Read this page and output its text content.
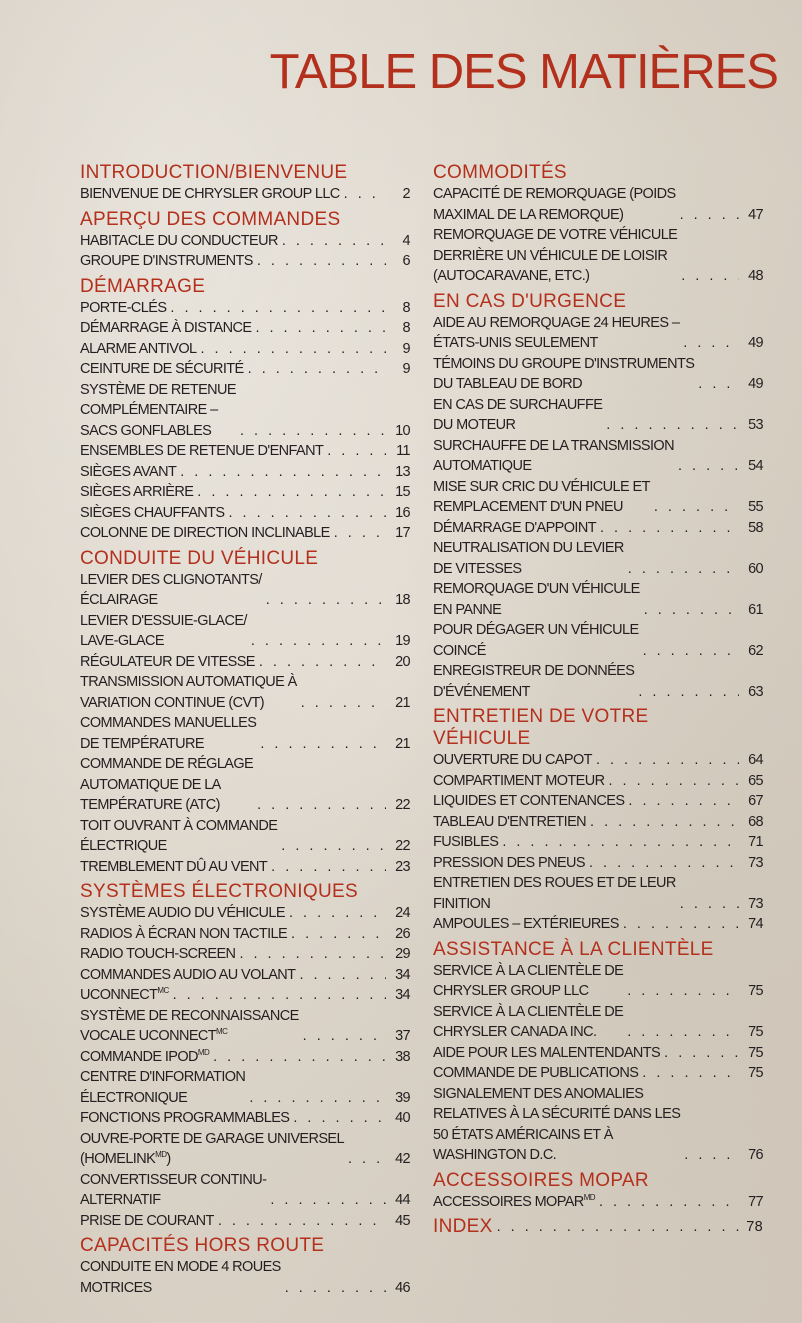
TABLE DES MATIÈRES
INTRODUCTION/BIENVENUE
BIENVENUE DE CHRYSLER GROUP LLC . . .	2
APERÇU DES COMMANDES
HABITACLE DU CONDUCTEUR . . .	4
GROUPE D'INSTRUMENTS . . .	6
DÉMARRAGE
PORTE-CLÉS . . .	8
DÉMARRAGE À DISTANCE . . .	8
ALARME ANTIVOL . . .	9
CEINTURE DE SÉCURITÉ . . .	9
SYSTÈME DE RETENUE
COMPLÉMENTAIRE –
SACS GONFLABLES . . .	10
ENSEMBLES DE RETENUE D'ENFANT . . .	11
SIÈGES AVANT . . .	13
SIÈGES ARRIÈRE . . .	15
SIÈGES CHAUFFANTS . . .	16
COLONNE DE DIRECTION INCLINABLE . . .	17
CONDUITE DU VÉHICULE
LEVIER DES CLIGNOTANTS/
ÉCLAIRAGE . . .	18
LEVIER D'ESSUIE-GLACE/
LAVE-GLACE . . .	19
RÉGULATEUR DE VITESSE . . .	20
TRANSMISSION AUTOMATIQUE À
VARIATION CONTINUE (CVT) . . .	21
COMMANDES MANUELLES
DE TEMPÉRATURE . . .	21
COMMANDE DE RÉGLAGE
AUTOMATIQUE DE LA
TEMPÉRATURE (ATC) . . .	22
TOIT OUVRANT À COMMANDE
ÉLECTRIQUE . . .	22
TREMBLEMENT DÛ AU VENT . . .	23
SYSTÈMES ÉLECTRONIQUES
SYSTÈME AUDIO DU VÉHICULE . . .	24
RADIOS À ÉCRAN NON TACTILE . . .	26
RADIO TOUCH-SCREEN . . .	29
COMMANDES AUDIO AU VOLANT . . .	34
$UCONNECT^{MC}$ . . .	34
SYSTÈME DE RECONNAISSANCE
VOCALE $UCONNECT^{MC}$ . . .	37
COMMANDE $IPOD^{MD}$ . . .	38
CENTRE D'INFORMATION
ÉLECTRONIQUE . . .	39
FONCTIONS PROGRAMMABLES . . .	40
OUVRE-PORTE DE GARAGE UNIVERSEL
$(HOMELINK^{MD})$ . . .	42
CONVERTISSEUR CONTINU-
ALTERNATIF . . .	44
PRISE DE COURANT . . .	45
CAPACITÉS HORS ROUTE
CONDUITE EN MODE 4 ROUES
MOTRICES . . .	46
COMMODITÉS
CAPACITÉ DE REMORQUAGE (POIDS
MAXIMAL DE LA REMORQUE) . . .	47
REMORQUAGE DE VOTRE VÉHICULE
DERRIÈRE UN VÉHICULE DE LOISIR
(AUTOCARAVANE, ETC.) . . .	48
EN CAS D'URGENCE
AIDE AU REMORQUAGE 24 HEURES –
ÉTATS-UNIS SEULEMENT . . .	49
TÉMOINS DU GROUPE D'INSTRUMENTS
DU TABLEAU DE BORD . . .	49
EN CAS DE SURCHAUFFE
DU MOTEUR . . .	53
SURCHAUFFE DE LA TRANSMISSION
AUTOMATIQUE . . .	54
MISE SUR CRIC DU VÉHICULE ET
REMPLACEMENT D'UN PNEU . . .	55
DÉMARRAGE D'APPOINT . . .	58
NEUTRALISATION DU LEVIER
DE VITESSES . . .	60
REMORQUAGE D'UN VÉHICULE
EN PANNE . . .	61
POUR DÉGAGER UN VÉHICULE
COINCÉ . . .	62
ENREGISTREUR DE DONNÉES
D'ÉVÉNEMENT . . .	63
ENTRETIEN DE VOTRE
VÉHICULE
OUVERTURE DU CAPOT . . .	64
COMPARTIMENT MOTEUR . . .	65
LIQUIDES ET CONTENANCES . . .	67
TABLEAU D'ENTRETIEN . . .	68
FUSIBLES . . .	71
PRESSION DES PNEUS . . .	73
ENTRETIEN DES ROUES ET DE LEUR
FINITION . . .	73
AMPOULES – EXTÉRIEURES . . .	74
ASSISTANCE À LA CLIENTÈLE
SERVICE À LA CLIENTÈLE DE
CHRYSLER GROUP LLC . . .	75
SERVICE À LA CLIENTÈLE DE
CHRYSLER CANADA INC. . . .	75
AIDE POUR LES MALENTENDANTS . . .	75
COMMANDE DE PUBLICATIONS . . .	75
SIGNALEMENT DES ANOMALIES
RELATIVES À LA SÉCURITÉ DANS LES
50 ÉTATS AMÉRICAINS ET À
WASHINGTON D.C. . . .	76
ACCESSOIRES MOPAR
ACCESSOIRES $MOPAR^{MD}$ . . .	77
INDEX . . .	78
